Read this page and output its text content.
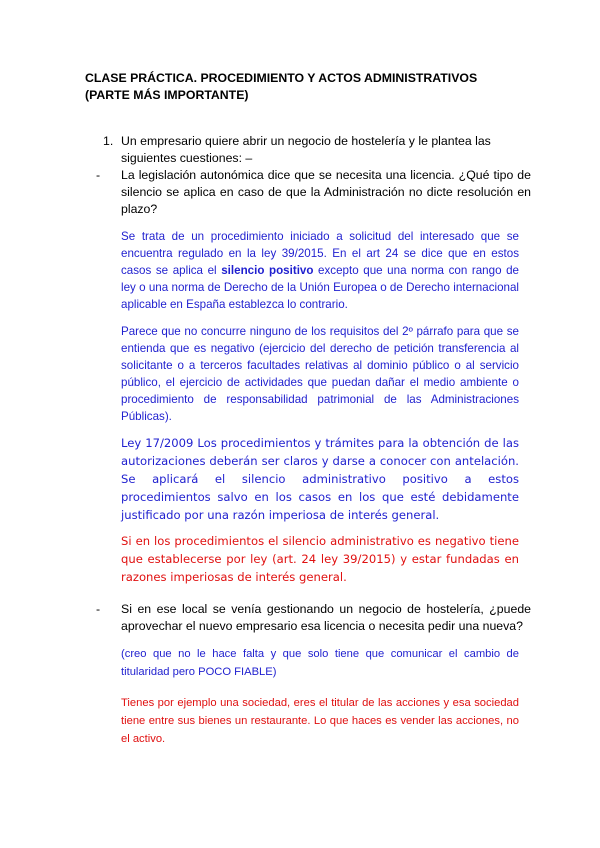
CLASE PRÁCTICA. PROCEDIMIENTO Y ACTOS ADMINISTRATIVOS
(PARTE MÁS IMPORTANTE)
1. Un empresario quiere abrir un negocio de hostelería y le plantea las siguientes cuestiones: –
- La legislación autonómica dice que se necesita una licencia. ¿Qué tipo de silencio se aplica en caso de que la Administración no dicte resolución en plazo?
Se trata de un procedimiento iniciado a solicitud del interesado que se encuentra regulado en la ley 39/2015. En el art 24 se dice que en estos casos se aplica el silencio positivo excepto que una norma con rango de ley o una norma de Derecho de la Unión Europea o de Derecho internacional aplicable en España establezca lo contrario.
Parece que no concurre ninguno de los requisitos del 2º párrafo para que se entienda que es negativo (ejercicio del derecho de petición transferencia al solicitante o a terceros facultades relativas al dominio público o al servicio público, el ejercicio de actividades que puedan dañar el medio ambiente o procedimiento de responsabilidad patrimonial de las Administraciones Públicas).
Ley 17/2009 Los procedimientos y trámites para la obtención de las autorizaciones deberán ser claros y darse a conocer con antelación. Se aplicará el silencio administrativo positivo a estos procedimientos salvo en los casos en los que esté debidamente justificado por una razón imperiosa de interés general.
Si en los procedimientos el silencio administrativo es negativo tiene que establecerse por ley (art. 24 ley 39/2015) y estar fundadas en razones imperiosas de interés general.
- Si en ese local se venía gestionando un negocio de hostelería, ¿puede aprovechar el nuevo empresario esa licencia o necesita pedir una nueva?
(creo que no le hace falta y que solo tiene que comunicar el cambio de titularidad pero POCO FIABLE)
Tienes por ejemplo una sociedad, eres el titular de las acciones y esa sociedad tiene entre sus bienes un restaurante. Lo que haces es vender las acciones, no el activo.
